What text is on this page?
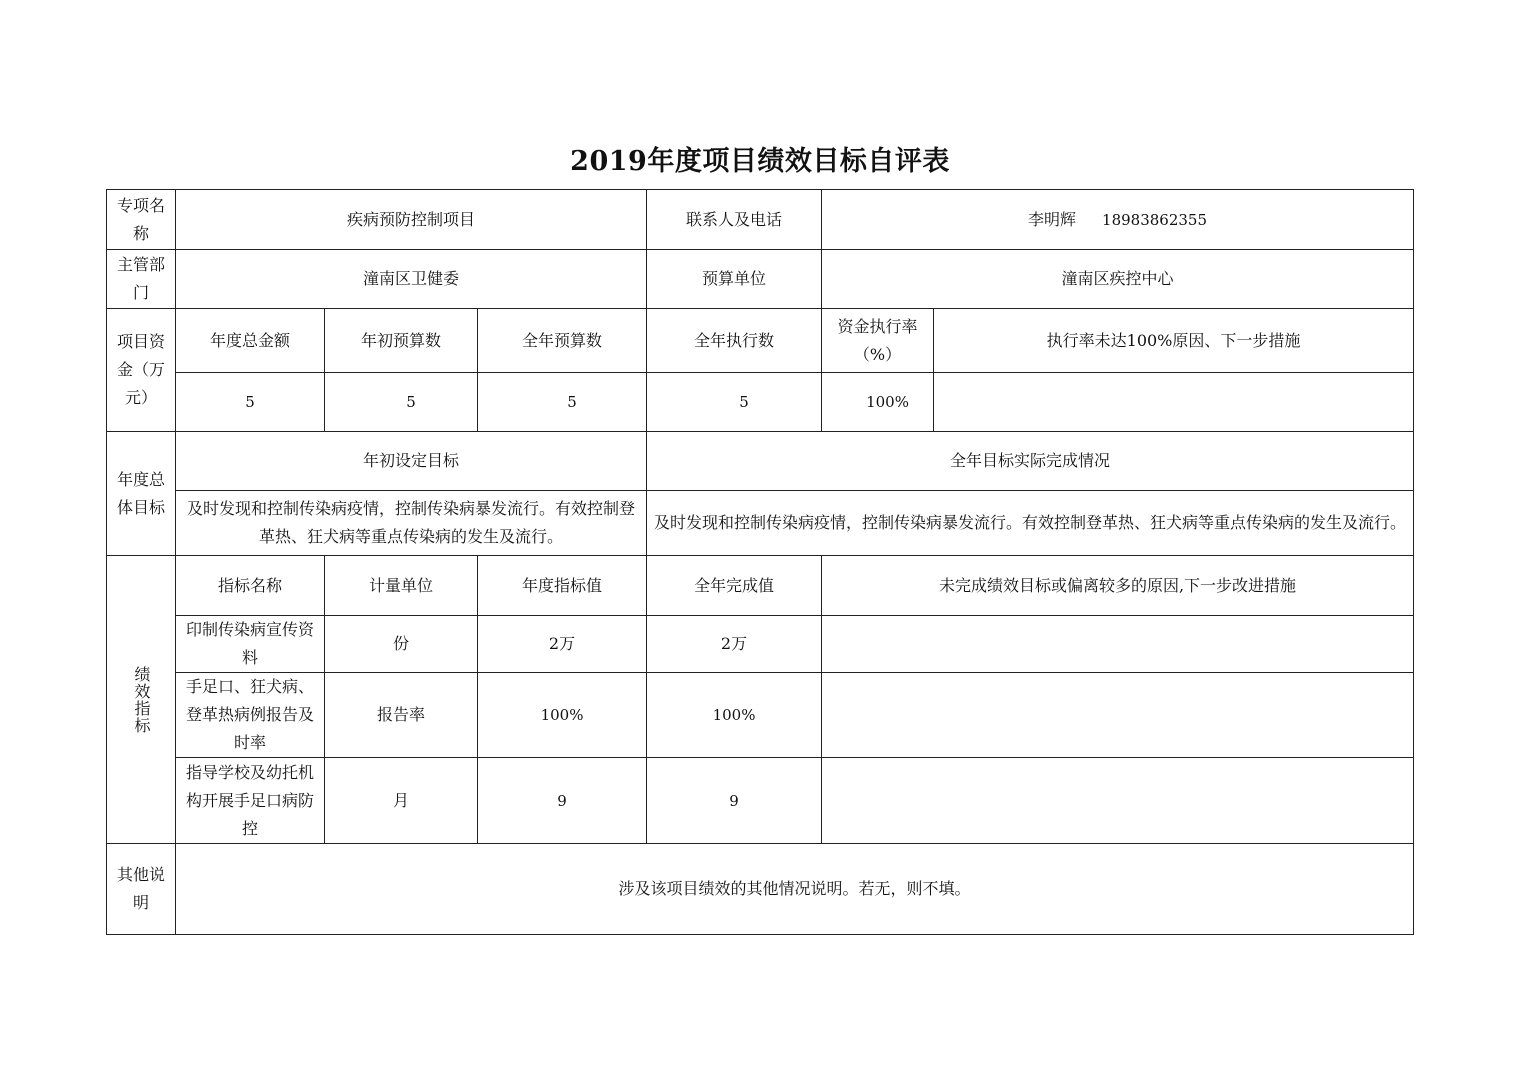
2019年度项目绩效目标自评表
专项名称	疾病预防控制项目			联系人及电话	李明辉 18983862355	
主管部门	潼南区卫健委			预算单位	潼南区疾控中心	
项目资金（万元）	年度总金额	年初预算数	全年预算数	全年执行数	资金执行率（%）	执行率未达100%原因、下一步措施
	5	5	5	5	100%	
年度总体目标	年初设定目标			全年目标实际完成情况		
	及时发现和控制传染病疫情，控制传染病暴发流行。有效控制登革热、狂犬病等重点传染病的发生及流行。			及时发现和控制传染病疫情，控制传染病暴发流行。有效控制登革热、狂犬病等重点传染病的发生及流行。		
绩效指标	指标名称	计量单位	年度指标值	全年完成值	未完成绩效目标或偏离较多的原因,下一步改进措施	
	印制传染病宣传资料	份	2万	2万		
	手足口、狂犬病、登革热病例报告及时率	报告率	100%	100%		
	指导学校及幼托机构开展手足口病防控	月	9	9		
其他说明	涉及该项目绩效的其他情况说明。若无，则不填。					
